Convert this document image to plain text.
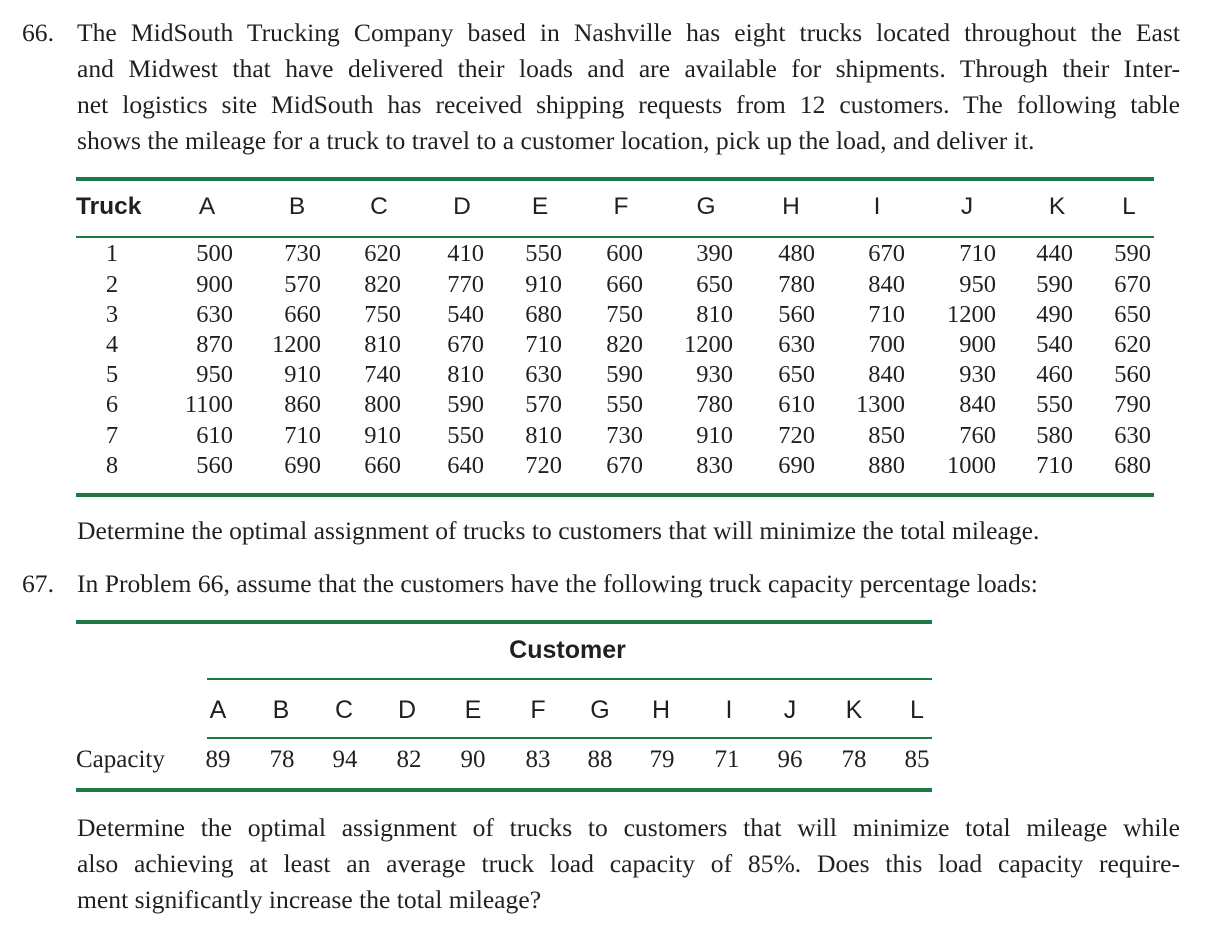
66. The MidSouth Trucking Company based in Nashville has eight trucks located throughout the East
and Midwest that have delivered their loads and are available for shipments. Through their Inter-
net logistics site MidSouth has received shipping requests from 12 customers. The following table
shows the mileage for a truck to travel to a customer location, pick up the load, and deliver it.
Truck	A	B	C	D	E	F	G	H	I	J	K	L
1	500	730	620	410	550	600	390	480	670	710	440	590
2	900	570	820	770	910	660	650	780	840	950	590	670
3	630	660	750	540	680	750	810	560	710	1200	490	650
4	870	1200	810	670	710	820	1200	630	700	900	540	620
5	950	910	740	810	630	590	930	650	840	930	460	560
6	1100	860	800	590	570	550	780	610	1300	840	550	790
7	610	710	910	550	810	730	910	720	850	760	580	630
8	560	690	660	640	720	670	830	690	880	1000	710	680
Determine the optimal assignment of trucks to customers that will minimize the total mileage.
67. In Problem 66, assume that the customers have the following truck capacity percentage loads:
Customer
A	B	C	D	E	F	G	H	I	J	K	L
Capacity	89	78	94	82	90	83	88	79	71	96	78	85
Determine the optimal assignment of trucks to customers that will minimize total mileage while
also achieving at least an average truck load capacity of 85%. Does this load capacity require-
ment significantly increase the total mileage?
